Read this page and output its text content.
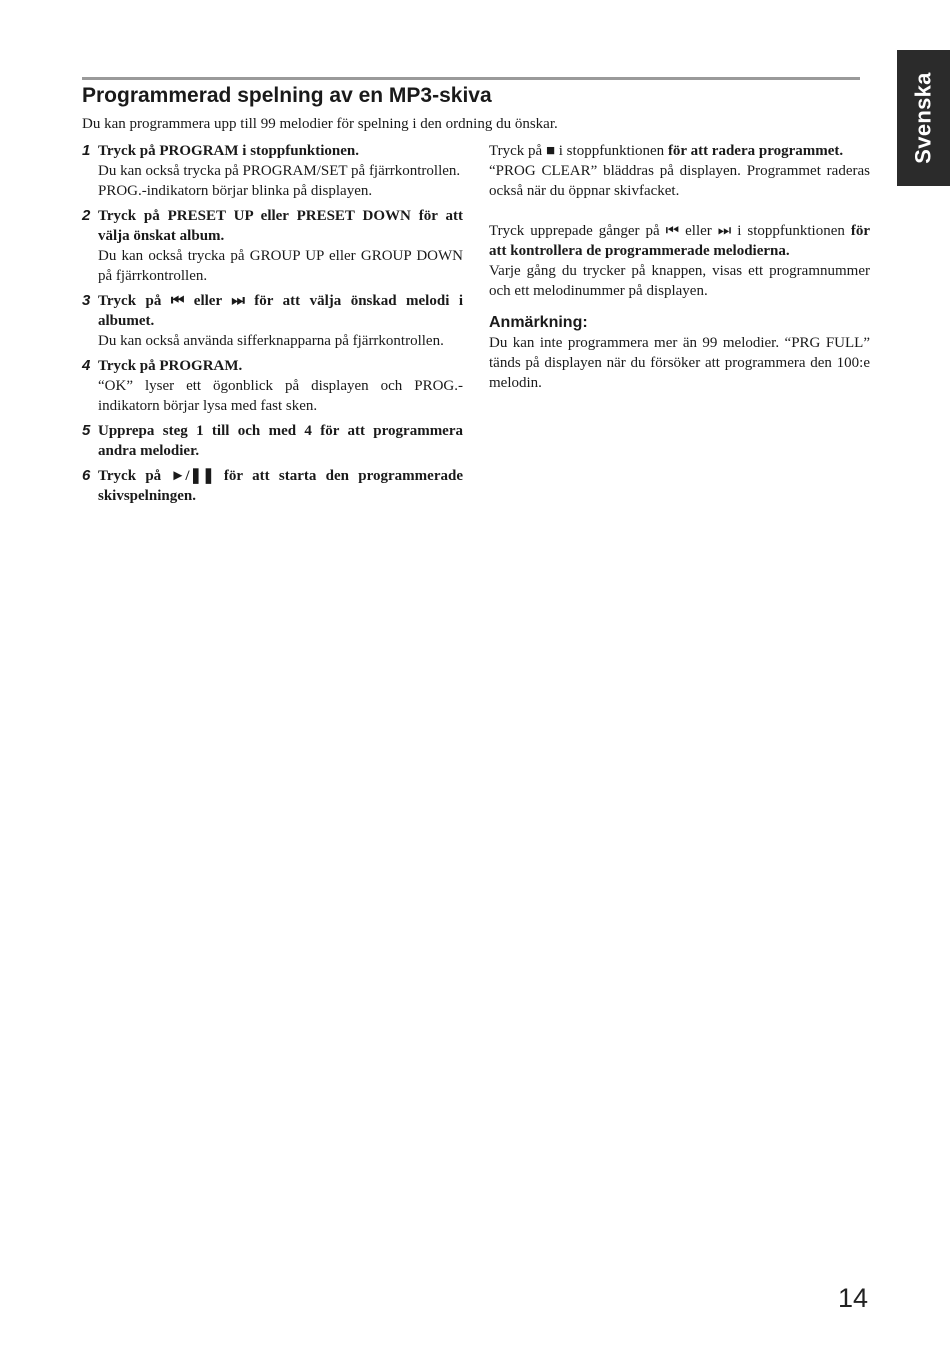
Svenska
Programmerad spelning av en MP3-skiva
Du kan programmera upp till 99 melodier för spelning i den ordning du önskar.
1 Tryck på PROGRAM i stoppfunktionen.
Du kan också trycka på PROGRAM/SET på fjärrkontrollen.
PROG.-indikatorn börjar blinka på displayen.
2 Tryck på PRESET UP eller PRESET DOWN för att välja önskat album.
Du kan också trycka på GROUP UP eller GROUP DOWN på fjärrkontrollen.
3 Tryck på ⏮ eller ⏭ för att välja önskad melodi i albumet.
Du kan också använda sifferknapparna på fjärrkontrollen.
4 Tryck på PROGRAM.
“OK” lyser ett ögonblick på displayen och PROG.-indikatorn börjar lysa med fast sken.
5 Upprepa steg 1 till och med 4 för att programmera andra melodier.
6 Tryck på ►/❚❚ för att starta den programmerade skivspelningen.
Tryck på ■ i stoppfunktionen för att radera programmet.
“PROG CLEAR” bläddras på displayen. Programmet raderas också när du öppnar skivfacket.
Tryck upprepade gånger på ⏮ eller ⏭ i stoppfunktionen för att kontrollera de programmerade melodierna.
Varje gång du trycker på knappen, visas ett programnummer och ett melodinummer på displayen.
Anmärkning:
Du kan inte programmera mer än 99 melodier. “PRG FULL” tänds på displayen när du försöker att programmera den 100:e melodin.
14
